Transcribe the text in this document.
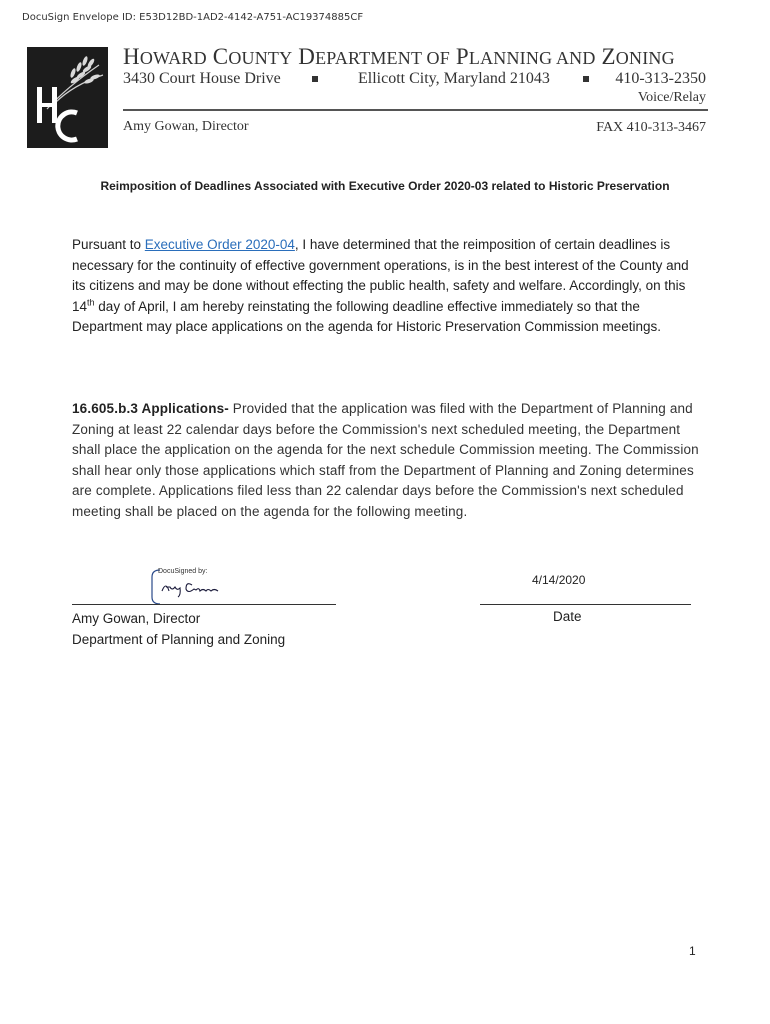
DocuSign Envelope ID: E53D12BD-1AD2-4142-A751-AC19374885CF
HOWARD COUNTY DEPARTMENT OF PLANNING AND ZONING
3430 Court House Drive	Ellicott City, Maryland 21043	410-313-2350
Voice/Relay
Amy Gowan, Director	FAX 410-313-3467
Reimposition of Deadlines Associated with Executive Order 2020-03 related to Historic Preservation
Pursuant to Executive Order 2020-04, I have determined that the reimposition of certain deadlines is necessary for the continuity of effective government operations, is in the best interest of the County and its citizens and may be done without effecting the public health, safety and welfare. Accordingly, on this 14th day of April, I am hereby reinstating the following deadline effective immediately so that the Department may place applications on the agenda for Historic Preservation Commission meetings.
16.605.b.3 Applications- Provided that the application was filed with the Department of Planning and Zoning at least 22 calendar days before the Commission's next scheduled meeting, the Department shall place the application on the agenda for the next schedule Commission meeting. The Commission shall hear only those applications which staff from the Department of Planning and Zoning determines are complete. Applications filed less than 22 calendar days before the Commission's next scheduled meeting shall be placed on the agenda for the following meeting.
DocuSigned by:
4/14/2020
Amy Gowan, Director
Department of Planning and Zoning
Date
1
